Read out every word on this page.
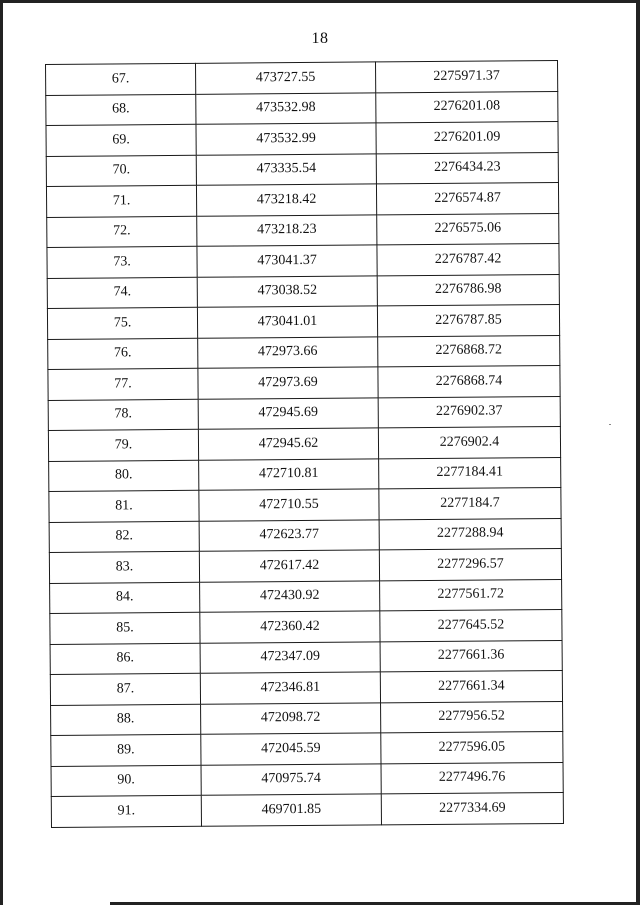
18
67.	473727.55	2275971.37
68.	473532.98	2276201.08
69.	473532.99	2276201.09
70.	473335.54	2276434.23
71.	473218.42	2276574.87
72.	473218.23	2276575.06
73.	473041.37	2276787.42
74.	473038.52	2276786.98
75.	473041.01	2276787.85
76.	472973.66	2276868.72
77.	472973.69	2276868.74
78.	472945.69	2276902.37
79.	472945.62	2276902.4
80.	472710.81	2277184.41
81.	472710.55	2277184.7
82.	472623.77	2277288.94
83.	472617.42	2277296.57
84.	472430.92	2277561.72
85.	472360.42	2277645.52
86.	472347.09	2277661.36
87.	472346.81	2277661.34
88.	472098.72	2277956.52
89.	472045.59	2277596.05
90.	470975.74	2277496.76
91.	469701.85	2277334.69
